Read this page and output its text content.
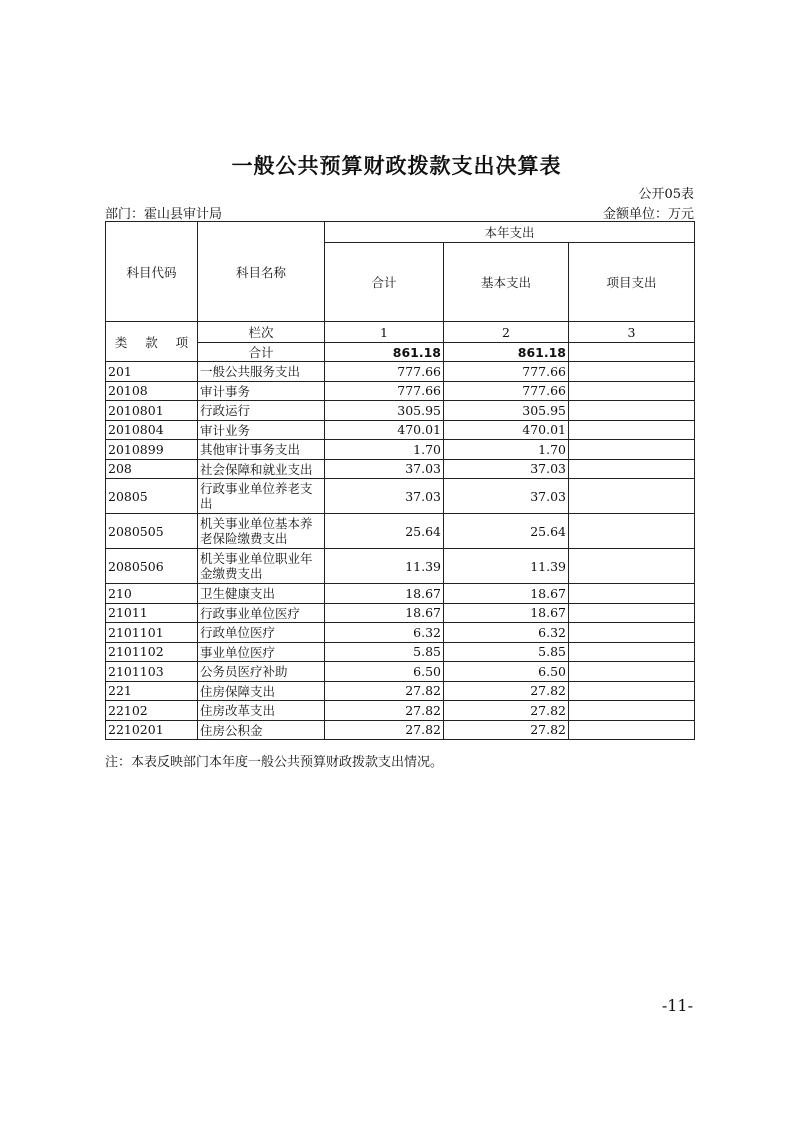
一般公共预算财政拨款支出决算表
公开05表
部门：霍山县审计局	金额单位：万元
科目代码	科目名称	本年支出		
		合计	基本支出	项目支出

类 款 项	栏次	1	2	3
	合计	861.18	861.18	
201	一般公共服务支出	777.66	777.66	
20108	审计事务	777.66	777.66	
2010801	行政运行	305.95	305.95	
2010804	审计业务	470.01	470.01	
2010899	其他审计事务支出	1.70	1.70	
208	社会保障和就业支出	37.03	37.03	
20805	行政事业单位养老支出	37.03	37.03	
2080505	机关事业单位基本养老保险缴费支出	25.64	25.64	
2080506	机关事业单位职业年金缴费支出	11.39	11.39	
210	卫生健康支出	18.67	18.67	
21011	行政事业单位医疗	18.67	18.67	
2101101	行政单位医疗	6.32	6.32	
2101102	事业单位医疗	5.85	5.85	
2101103	公务员医疗补助	6.50	6.50	
221	住房保障支出	27.82	27.82	
22102	住房改革支出	27.82	27.82	
2210201	住房公积金	27.82	27.82	
注：本表反映部门本年度一般公共预算财政拨款支出情况。
-11-
